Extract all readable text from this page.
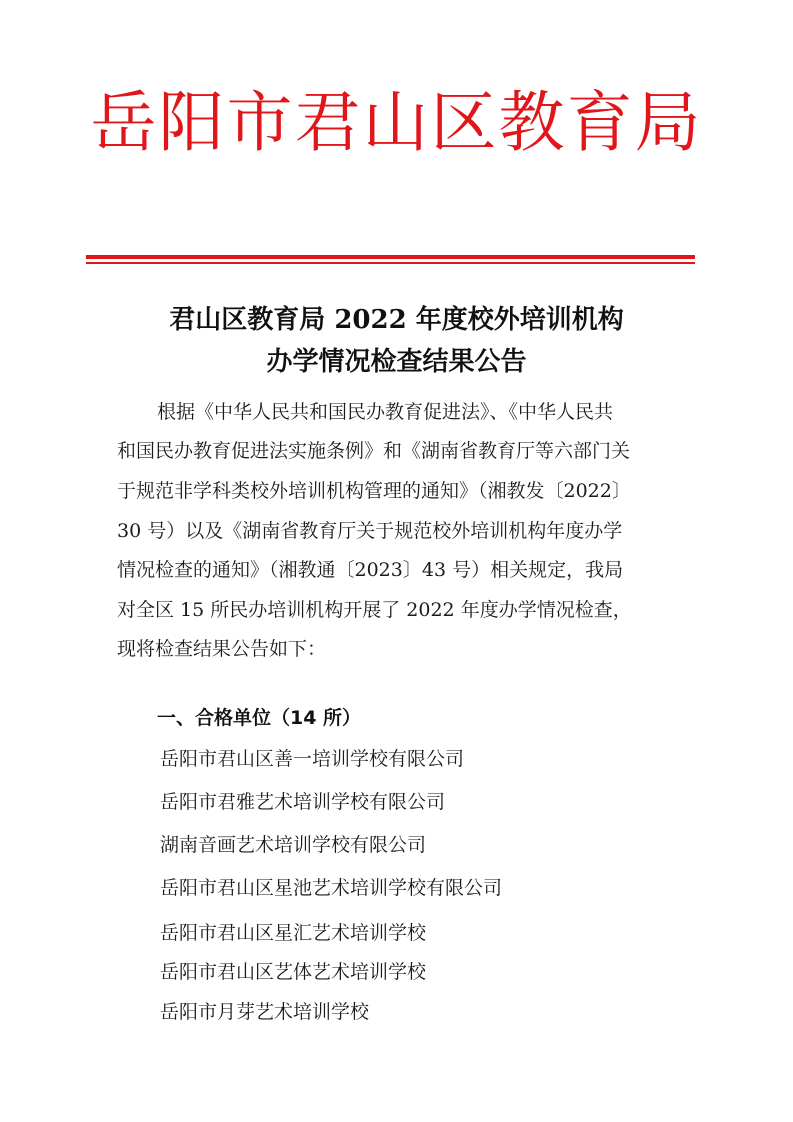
岳阳市君山区教育局
君山区教育局 2022 年度校外培训机构
办学情况检查结果公告
根据《中华人民共和国民办教育促进法》、《中华人民共
和国民办教育促进法实施条例》和《湖南省教育厅等六部门关
于规范非学科类校外培训机构管理的通知》（湘教发〔2022〕
30 号）以及《湖南省教育厅关于规范校外培训机构年度办学
情况检查的通知》（湘教通〔2023〕43 号）相关规定，我局
对全区 15 所民办培训机构开展了 2022 年度办学情况检查，
现将检查结果公告如下：
一、合格单位（14 所）
岳阳市君山区善一培训学校有限公司
岳阳市君雅艺术培训学校有限公司
湖南音画艺术培训学校有限公司
岳阳市君山区星池艺术培训学校有限公司
岳阳市君山区星汇艺术培训学校
岳阳市君山区艺体艺术培训学校
岳阳市月芽艺术培训学校
